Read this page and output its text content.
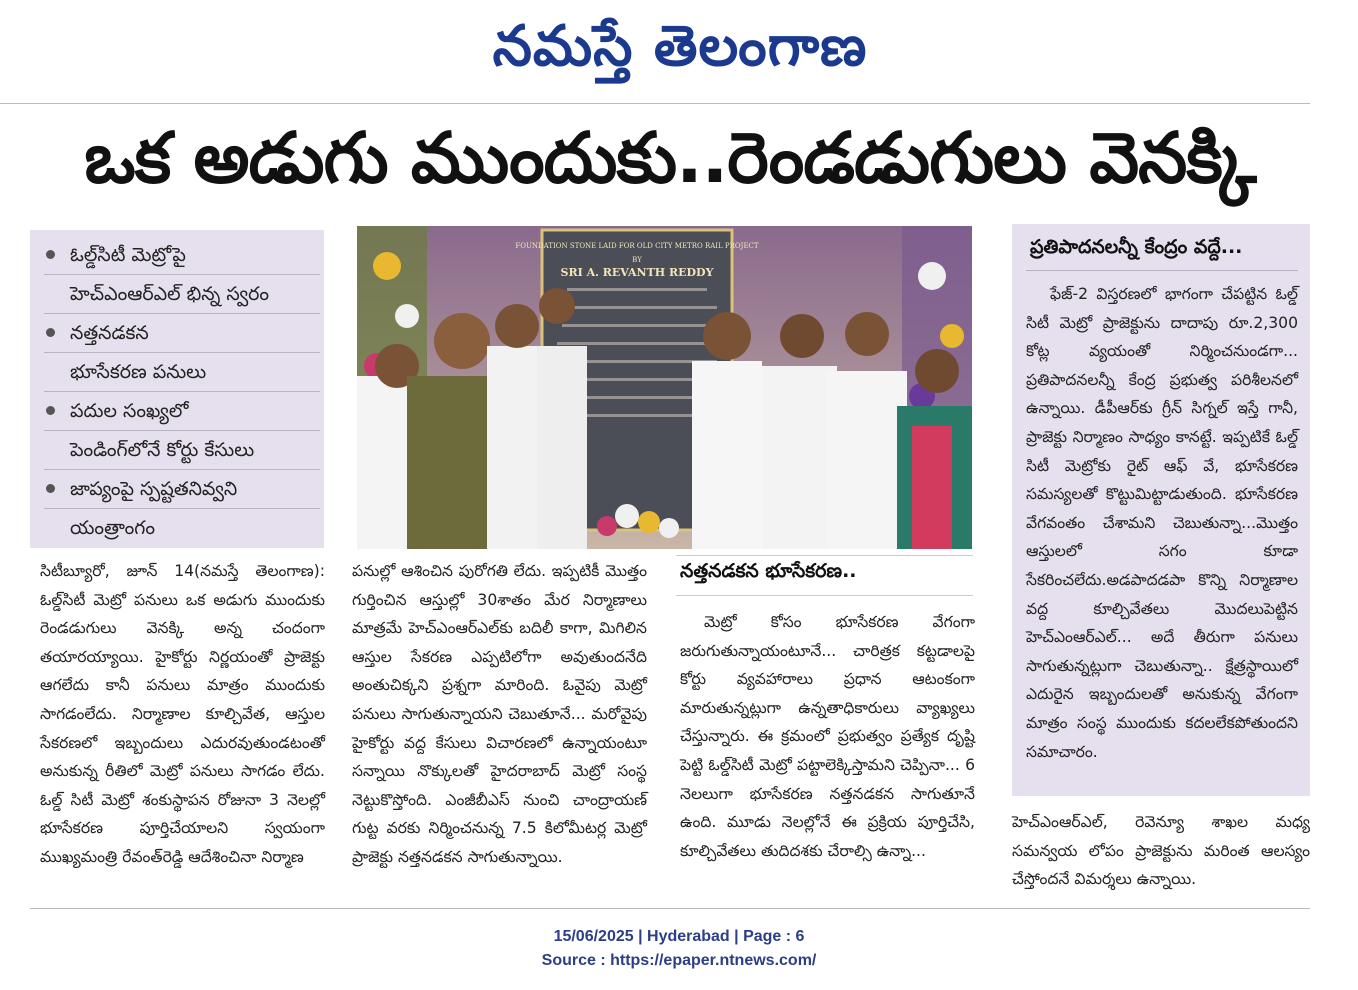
నమస్తే తెలంగాణ
ఒక అడుగు ముందుకు..రెండడుగులు వెనక్కి
ఓల్డ్‌సిటీ మెట్రోపై
హెచ్‌ఎంఆర్‌ఎల్‌ భిన్న స్వరం
నత్తనడకన
భూసేకరణ పనులు
పదుల సంఖ్యలో
పెండింగ్‌లోనే కోర్టు కేసులు
జాప్యంపై స్పష్టతనివ్వని
యంత్రాంగం
FOUNDATION STONE LAID FOR OLD CITY METRO RAIL PROJECT
BY
SRI A. REVANTH REDDY

సిటీబ్యూరో, జూన్‌ 14(నమస్తే తెలంగాణ): ఓల్డ్‌సిటీ మెట్రో పనులు ఒక అడుగు ముందుకు రెండడుగులు వెనక్కి అన్న చందంగా తయారయ్యాయి. హైకోర్టు నిర్ణయంతో ప్రాజెక్టు ఆగలేదు కానీ పనులు మాత్రం ముందుకు సాగడంలేదు. నిర్మాణాల కూల్చివేత, ఆస్తుల సేకరణలో ఇబ్బందులు ఎదురవుతుండటంతో అనుకున్న రీతిలో మెట్రో పనులు సాగడం లేదు. ఓల్డ్‌ సిటీ మెట్రో శంకుస్థాపన రోజునా 3 నెలల్లో భూసేకరణ పూర్తిచేయాలని స్వయంగా ముఖ్యమంత్రి రేవంత్‌రెడ్డి ఆదేశించినా నిర్మాణ

పనుల్లో ఆశించిన పురోగతి లేదు. ఇప్పటికీ మొత్తం గుర్తించిన ఆస్తుల్లో 30శాతం మేర నిర్మాణాలు మాత్రమే హెచ్‌ఎంఆర్‌ఎల్‌కు బదిలీ కాగా, మిగిలిన ఆస్తుల సేకరణ ఎప్పటిలోగా అవుతుందనేది అంతుచిక్కని ప్రశ్నగా మారింది. ఓవైపు మెట్రో పనులు సాగుతున్నాయని చెబుతూనే... మరోవైపు హైకోర్టు వద్ద కేసులు విచారణలో ఉన్నాయంటూ సన్నాయి నొక్కులతో హైదరాబాద్‌ మెట్రో సంస్థ నెట్టుకొస్తోంది. ఎంజీబీఎస్‌ నుంచి చాంద్రాయణ్‌ గుట్ట వరకు నిర్మించనున్న 7.5 కిలోమీటర్ల మెట్రో ప్రాజెక్టు నత్తనడకన సాగుతున్నాయి.

నత్తనడకన భూసేకరణ..

మెట్రో కోసం భూసేకరణ వేగంగా జరుగుతున్నాయంటూనే... చారిత్రక కట్టడాలపై కోర్టు వ్యవహారాలు ప్రధాన ఆటంకంగా మారుతున్నట్లుగా ఉన్నతాధికారులు వ్యాఖ్యలు చేస్తున్నారు. ఈ క్రమంలో ప్రభుత్వం ప్రత్యేక దృష్టి పెట్టి ఓల్డ్‌సిటీ మెట్రో పట్టాలెక్కిస్తామని చెప్పినా... 6 నెలలుగా భూసేకరణ నత్తనడకన సాగుతూనే ఉంది. మూడు నెలల్లోనే ఈ ప్రక్రియ పూర్తిచేసి, కూల్చివేతలు తుదిదశకు చేరాల్సి ఉన్నా...

ప్రతిపాదనలన్నీ కేంద్రం వద్దే...

ఫేజ్‌-2 విస్తరణలో భాగంగా చేపట్టిన ఓల్డ్‌ సిటీ మెట్రో ప్రాజెక్టును దాదాపు రూ.2,300 కోట్ల వ్యయంతో నిర్మించనుండగా... ప్రతిపాదనలన్నీ కేంద్ర ప్రభుత్వ పరిశీలనలో ఉన్నాయి. డీపీఆర్‌కు గ్రీన్‌ సిగ్నల్‌ ఇస్తే గానీ, ప్రాజెక్టు నిర్మాణం సాధ్యం కానట్టే. ఇప్పటికే ఓల్డ్‌ సిటీ మెట్రోకు రైట్‌ ఆఫ్‌ వే, భూసేకరణ సమస్యలతో కొట్టుమిట్టాడుతుంది. భూసేకరణ వేగవంతం చేశామని చెబుతున్నా...మొత్తం ఆస్తులలో సగం కూడా సేకరించలేదు.అడపాదడపా కొన్ని నిర్మాణాల వద్ద కూల్చివేతలు మొదలుపెట్టిన హెచ్‌ఎంఆర్‌ఎల్‌... అదే తీరుగా పనులు సాగుతున్నట్లుగా చెబుతున్నా.. క్షేత్రస్థాయిలో ఎదురైన ఇబ్బందులతో అనుకున్న వేగంగా మాత్రం సంస్థ ముందుకు కదలలేకపోతుందని సమాచారం.

హెచ్‌ఎంఆర్‌ఎల్‌, రెవెన్యూ శాఖల మధ్య సమన్వయ లోపం ప్రాజెక్టును మరింత ఆలస్యం చేస్తోందనే విమర్శలు ఉన్నాయి.

15/06/2025 | Hyderabad | Page : 6
Source : https://epaper.ntnews.com/
